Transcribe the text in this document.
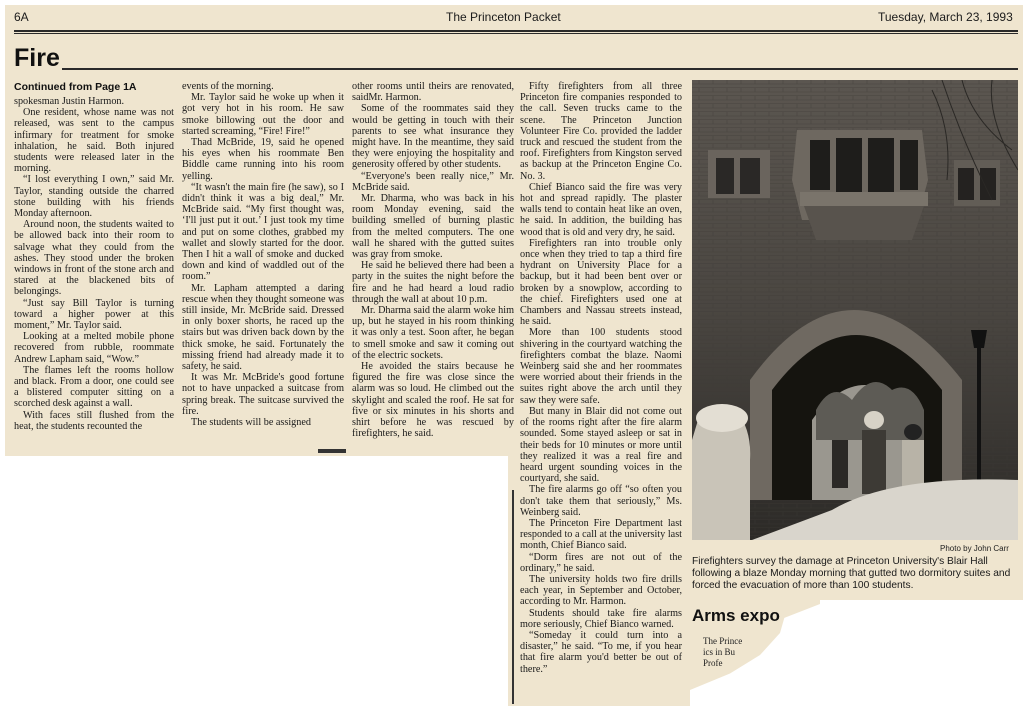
6A	The Princeton Packet	Tuesday, March 23, 1993
Fire
Continued from Page 1A

spokesman Justin Harmon.

One resident, whose name was not released, was sent to the campus infirmary for treatment for smoke inhalation, he said. Both injured students were released later in the morning.

“I lost everything I own,” said Mr. Taylor, standing outside the charred stone building with his friends Monday afternoon.

Around noon, the students waited to be allowed back into their room to salvage what they could from the ashes. They stood under the broken windows in front of the stone arch and stared at the blackened bits of belongings.

“Just say Bill Taylor is turning toward a higher power at this moment,” Mr. Taylor said.

Looking at a melted mobile phone recovered from rubble, roommate Andrew Lapham said, “Wow.”

The flames left the rooms hollow and black. From a door, one could see a blistered computer sitting on a scorched desk against a wall.

With faces still flushed from the heat, the students recounted the

events of the morning.

Mr. Taylor said he woke up when it got very hot in his room. He saw smoke billowing out the door and started screaming, “Fire! Fire!”

Thad McBride, 19, said he opened his eyes when his roommate Ben Biddle came running into his room yelling.

“It wasn't the main fire (he saw), so I didn't think it was a big deal,” Mr. McBride said. “My first thought was, ‘I'll just put it out.’ I just took my time and put on some clothes, grabbed my wallet and slowly started for the door. Then I hit a wall of smoke and ducked down and kind of waddled out of the room.”

Mr. Lapham attempted a daring rescue when they thought someone was still inside, Mr. McBride said. Dressed in only boxer shorts, he raced up the stairs but was driven back down by the thick smoke, he said. Fortunately the missing friend had already made it to safety, he said.

It was Mr. McBride's good fortune not to have unpacked a suitcase from spring break. The suitcase survived the fire.

The students will be assigned

other rooms until theirs are renovated, saidMr. Harmon.

Some of the roommates said they would be getting in touch with their parents to see what insurance they might have. In the meantime, they said they were enjoying the hospitality and generosity offered by other students.

“Everyone's been really nice,” Mr. McBride said.

Mr. Dharma, who was back in his room Monday evening, said the building smelled of burning plastic from the melted computers. The one wall he shared with the gutted suites was gray from smoke.

He said he believed there had been a party in the suites the night before the fire and he had heard a loud radio through the wall at about 10 p.m.

Mr. Dharma said the alarm woke him up, but he stayed in his room thinking it was only a test. Soon after, he began to smell smoke and saw it coming out of the electric sockets.

He avoided the stairs because he figured the fire was close since the alarm was so loud. He climbed out the skylight and scaled the roof. He sat for five or six minutes in his shorts and shirt before he was rescued by firefighters, he said.

Fifty firefighters from all three Princeton fire companies responded to the call. Seven trucks came to the scene. The Princeton Junction Volunteer Fire Co. provided the ladder truck and rescued the student from the roof. Firefighters from Kingston served as backup at the Princeton Engine Co. No. 3.

Chief Bianco said the fire was very hot and spread rapidly. The plaster walls tend to contain heat like an oven, he said. In addition, the building has wood that is old and very dry, he said.

Firefighters ran into trouble only once when they tried to tap a third fire hydrant on University Place for a backup, but it had been bent over or broken by a snowplow, according to the chief. Firefighters used one at Chambers and Nassau streets instead, he said.

More than 100 students stood shivering in the courtyard watching the firefighters combat the blaze. Naomi Weinberg said she and her roommates were worried about their friends in the suites right above the arch until they saw they were safe.

But many in Blair did not come out of the rooms right after the fire alarm sounded. Some stayed asleep or sat in their beds for 10 minutes or more until they realized it was a real fire and heard urgent sounding voices in the courtyard, she said.

The fire alarms go off “so often you don't take them that seriously,” Ms. Weinberg said.

The Princeton Fire Department last responded to a call at the university last month, Chief Bianco said.

“Dorm fires are not out of the ordinary,” he said.

The university holds two fire drills each year, in September and October, according to Mr. Harmon.

Students should take fire alarms more seriously, Chief Bianco warned.

“Someday it could turn into a disaster,” he said. “To me, if you hear that fire alarm you'd better be out of there.”

Photo by John Carr
Firefighters survey the damage at Princeton University's Blair Hall following a blaze Monday morning that gutted two dormitory suites and forced the evacuation of more than 100 students.
Arms expo
The Prince
ics in Bu
Profe
